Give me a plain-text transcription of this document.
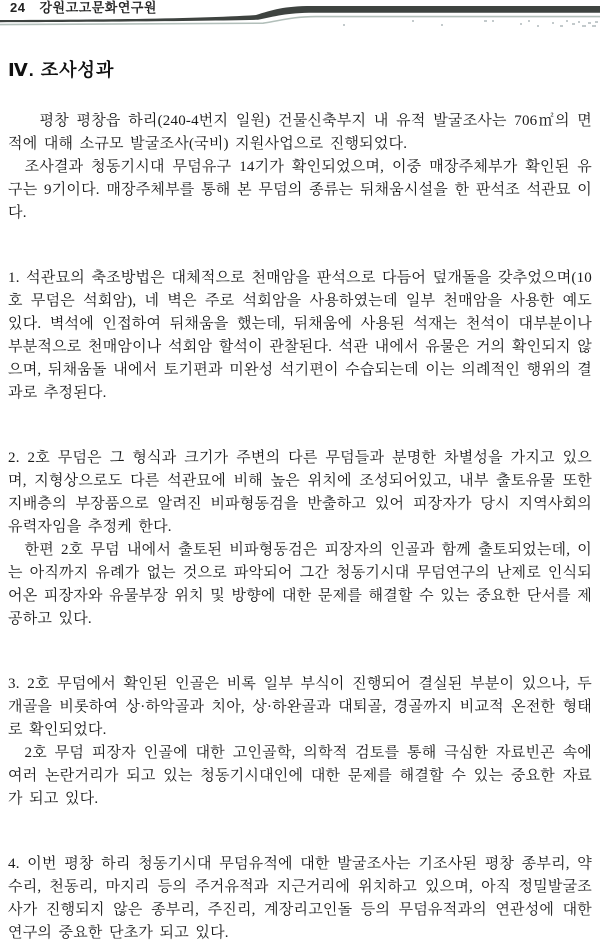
24 강원고고문화연구원
Ⅳ. 조사성과

평창 평창읍 하리(240-4번지 일원) 건물신축부지 내 유적 발굴조사는 706㎡의 면적에 대해 소규모 발굴조사(국비) 지원사업으로 진행되었다.

조사결과 청동기시대 무덤유구 14기가 확인되었으며, 이중 매장주체부가 확인된 유구는 9기이다. 매장주체부를 통해 본 무덤의 종류는 뒤채움시설을 한 판석조 석관묘 이다.

1. 석관묘의 축조방법은 대체적으로 천매암을 판석으로 다듬어 덮개돌을 갖추었으며(10호 무덤은 석회암), 네 벽은 주로 석회암을 사용하였는데 일부 천매암을 사용한 예도 있다. 벽석에 인접하여 뒤채움을 했는데, 뒤채움에 사용된 석재는 천석이 대부분이나 부분적으로 천매암이나 석회암 할석이 관찰된다. 석관 내에서 유물은 거의 확인되지 않으며, 뒤채움돌 내에서 토기편과 미완성 석기편이 수습되는데 이는 의례적인 행위의 결과로 추정된다.

2. 2호 무덤은 그 형식과 크기가 주변의 다른 무덤들과 분명한 차별성을 가지고 있으며, 지형상으로도 다른 석관묘에 비해 높은 위치에 조성되어있고, 내부 출토유물 또한 지배층의 부장품으로 알려진 비파형동검을 반출하고 있어 피장자가 당시 지역사회의 유력자임을 추정케 한다.

한편 2호 무덤 내에서 출토된 비파형동검은 피장자의 인골과 함께 출토되었는데, 이는 아직까지 유례가 없는 것으로 파악되어 그간 청동기시대 무덤연구의 난제로 인식되어온 피장자와 유물부장 위치 및 방향에 대한 문제를 해결할 수 있는 중요한 단서를 제공하고 있다.

3. 2호 무덤에서 확인된 인골은 비록 일부 부식이 진행되어 결실된 부분이 있으나, 두개골을 비롯하여 상·하악골과 치아, 상·하완골과 대퇴골, 경골까지 비교적 온전한 형태로 확인되었다.

2호 무덤 피장자 인골에 대한 고인골학, 의학적 검토를 통해 극심한 자료빈곤 속에 여러 논란거리가 되고 있는 청동기시대인에 대한 문제를 해결할 수 있는 중요한 자료가 되고 있다.

4. 이번 평창 하리 청동기시대 무덤유적에 대한 발굴조사는 기조사된 평창 종부리, 약수리, 천동리, 마지리 등의 주거유적과 지근거리에 위치하고 있으며, 아직 정밀발굴조사가 진행되지 않은 종부리, 주진리, 계장리고인돌 등의 무덤유적과의 연관성에 대한 연구의 중요한 단초가 되고 있다.
